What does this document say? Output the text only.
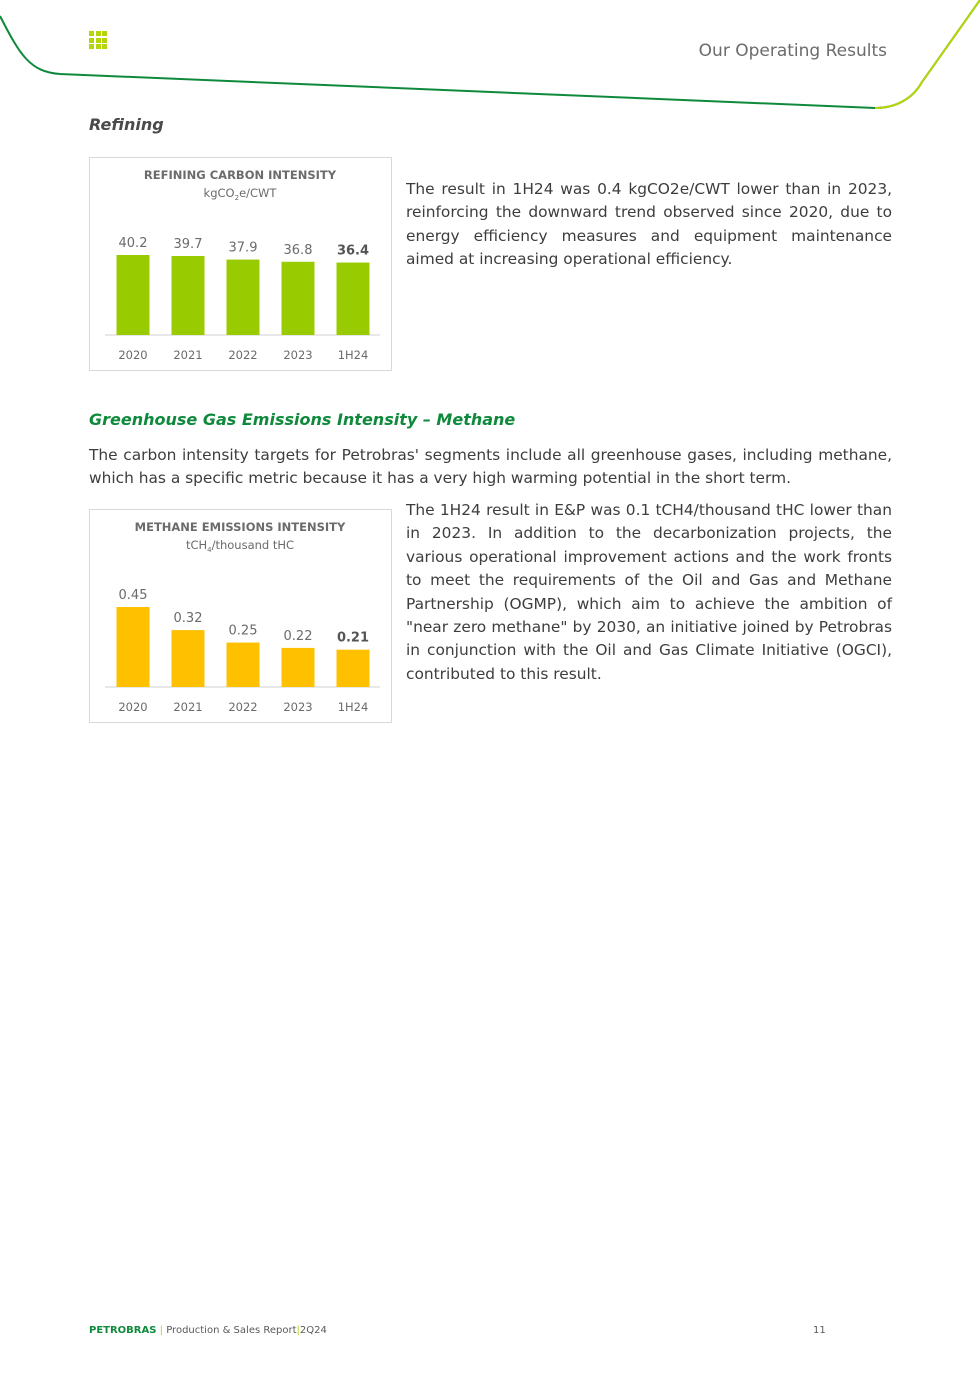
Our Operating Results
Refining
REFINING CARBON INTENSITY
kgCO$_2$e/CWT
40.2
2020
39.7
2021
37.9
2022
36.8
2023
36.4
1H24
The result in 1H24 was 0.4 kgCO2e/CWT lower than in 2023, reinforcing the downward trend observed since 2020, due to energy efficiency measures and equipment maintenance aimed at increasing operational efficiency.
Greenhouse Gas Emissions Intensity – Methane
The carbon intensity targets for Petrobras' segments include all greenhouse gases, including methane, which has a specific metric because it has a very high warming potential in the short term.
METHANE EMISSIONS INTENSITY
tCH$_4$/thousand tHC
0.45
2020
0.32
2021
0.25
2022
0.22
2023
0.21
1H24
The 1H24 result in E&P was 0.1 tCH4/thousand tHC lower than in 2023. In addition to the decarbonization projects, the various operational improvement actions and the work fronts to meet the requirements of the Oil and Gas and Methane Partnership (OGMP), which aim to achieve the ambition of "near zero methane" by 2030, an initiative joined by Petrobras in conjunction with the Oil and Gas Climate Initiative (OGCI), contributed to this result.
PETROBRAS | Production & Sales Report|2Q24	11
